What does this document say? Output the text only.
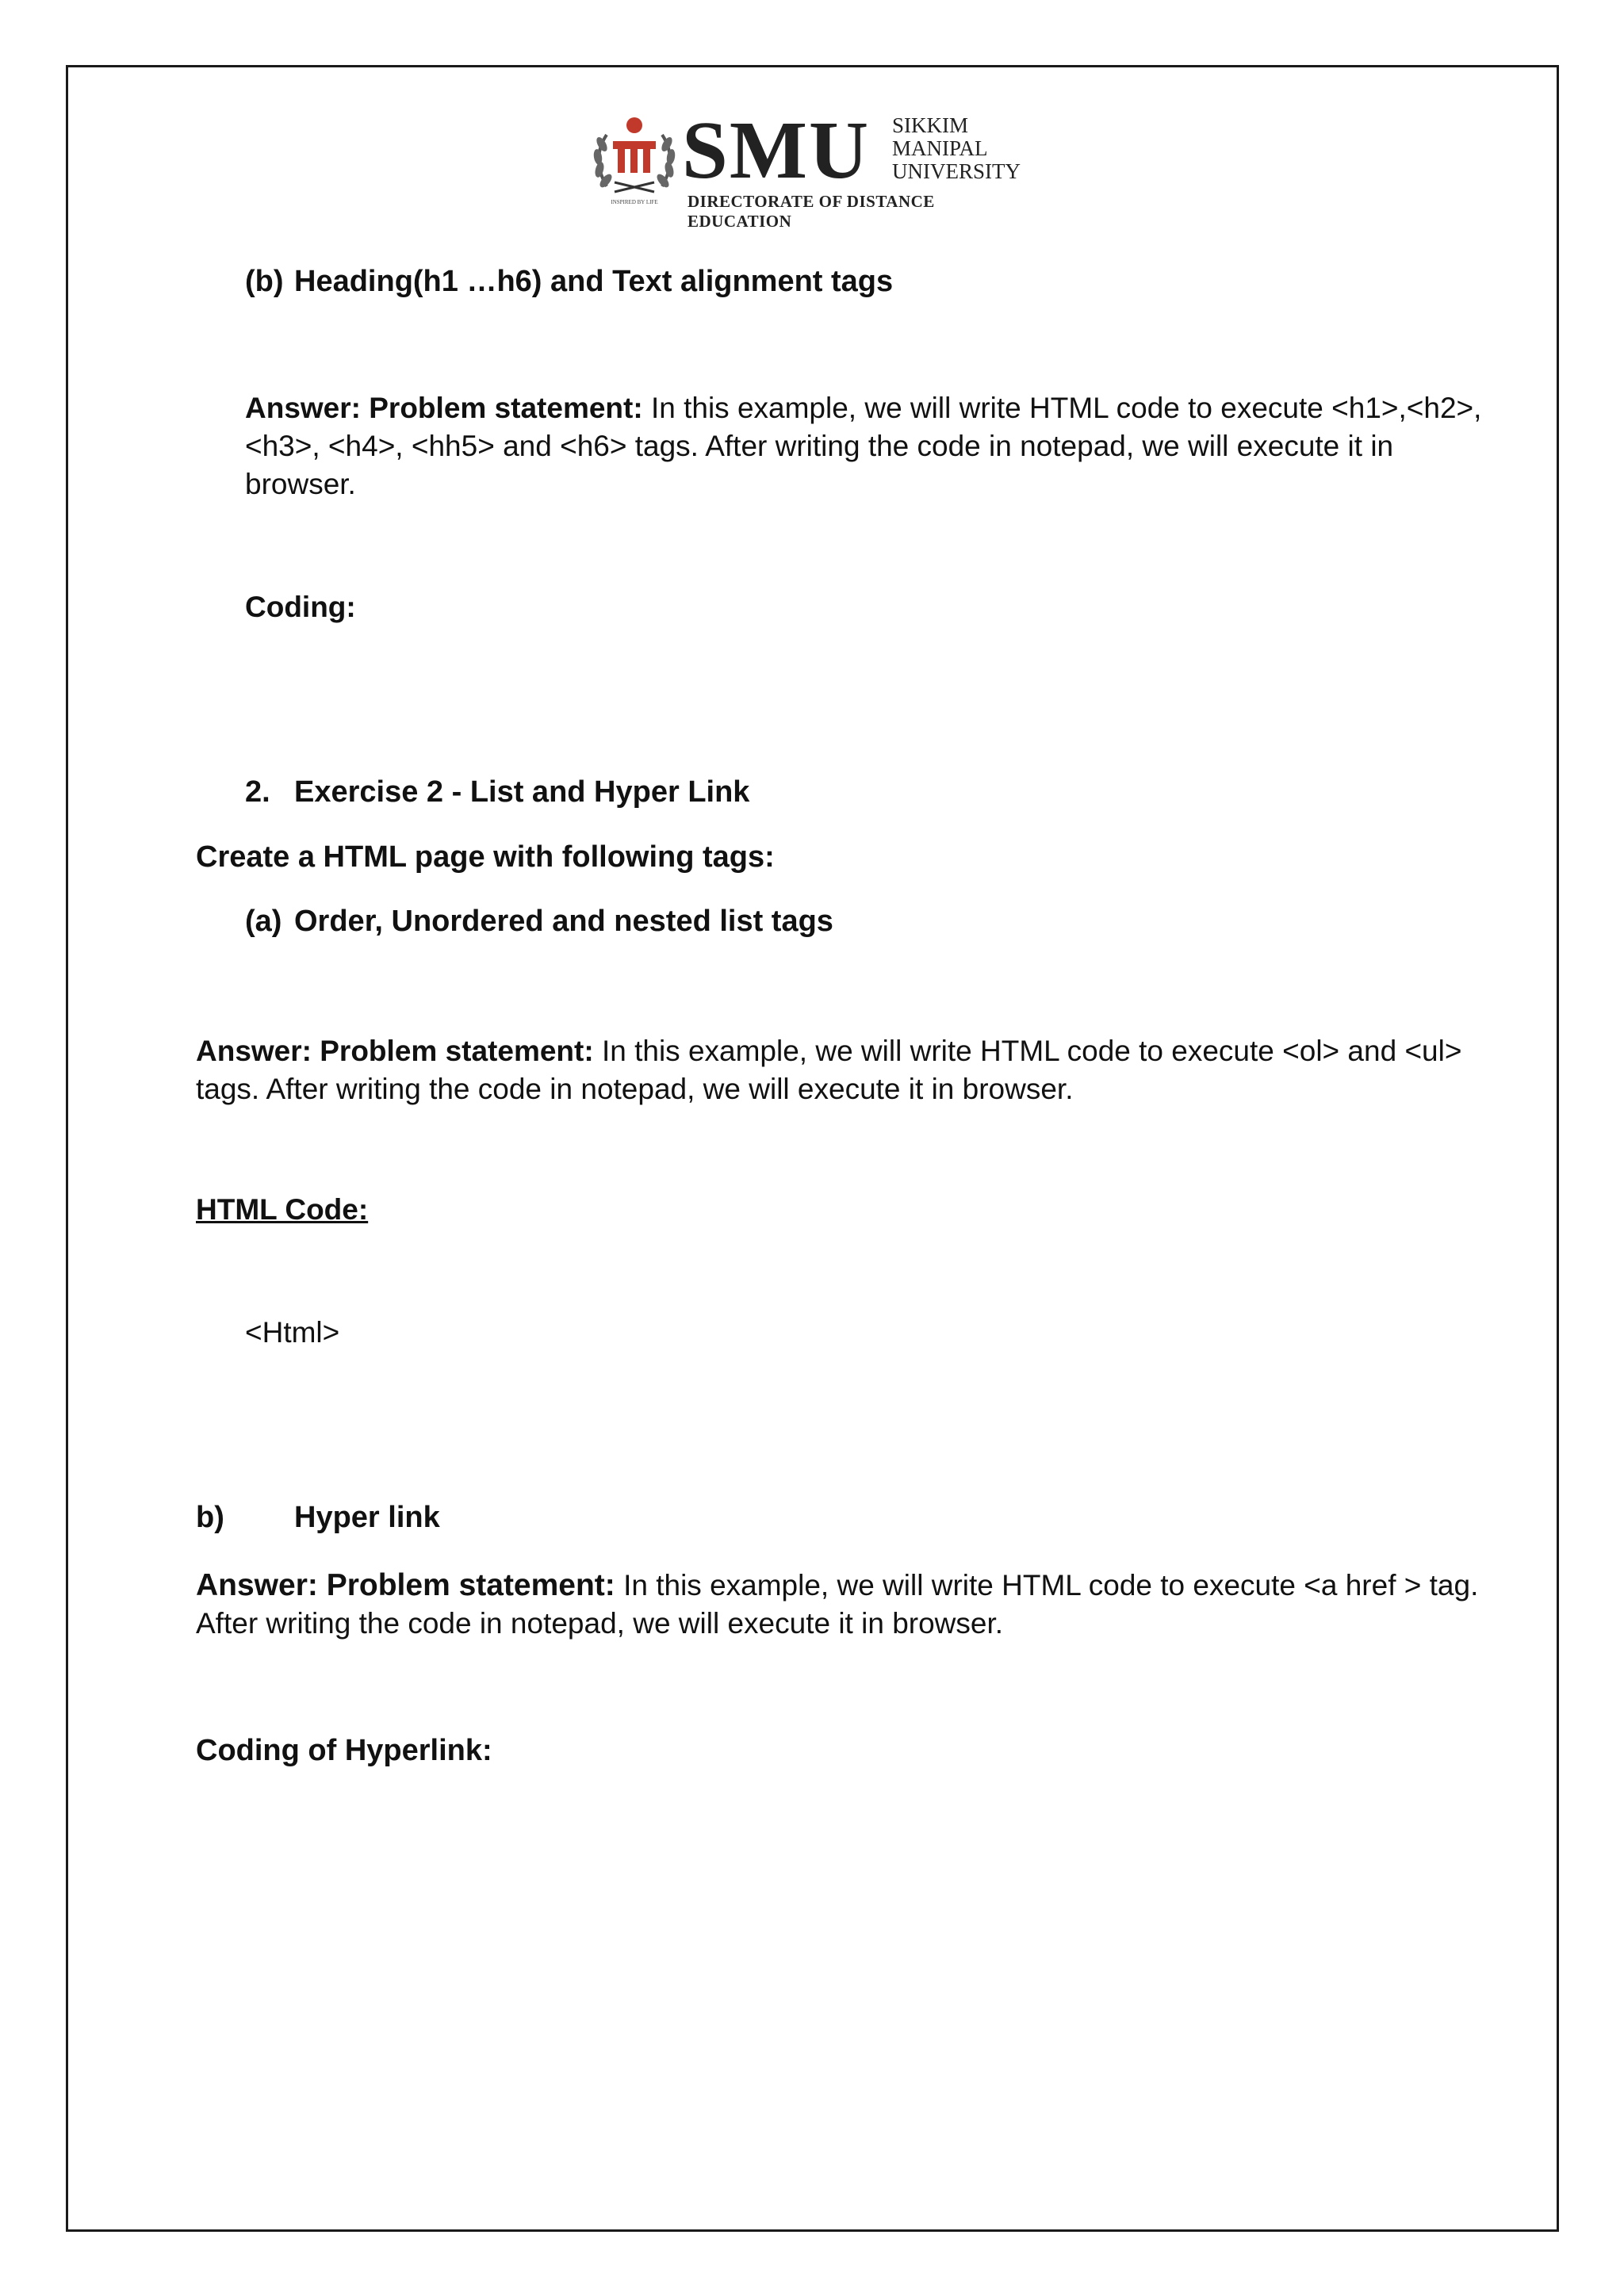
INSPIRED BY LIFE
SMU SIKKIM
MANIPAL
UNIVERSITY
DIRECTORATE OF DISTANCE EDUCATION
(b) Heading(h1 …h6) and Text alignment tags
Answer: Problem statement: In this example, we will write HTML code to execute <h1>,<h2>,
<h3>, <h4>, <hh5> and <h6> tags. After writing the code in notepad, we will execute it in
browser.
Coding:
2. Exercise 2 - List and Hyper Link
Create a HTML page with following tags:
(a) Order, Unordered and nested list tags
Answer: Problem statement: In this example, we will write HTML code to execute <ol> and <ul>
tags. After writing the code in notepad, we will execute it in browser.
HTML Code:
<Html>
b) Hyper link
Answer: Problem statement: In this example, we will write HTML code to execute <a href > tag.
After writing the code in notepad, we will execute it in browser.
Coding of Hyperlink:
